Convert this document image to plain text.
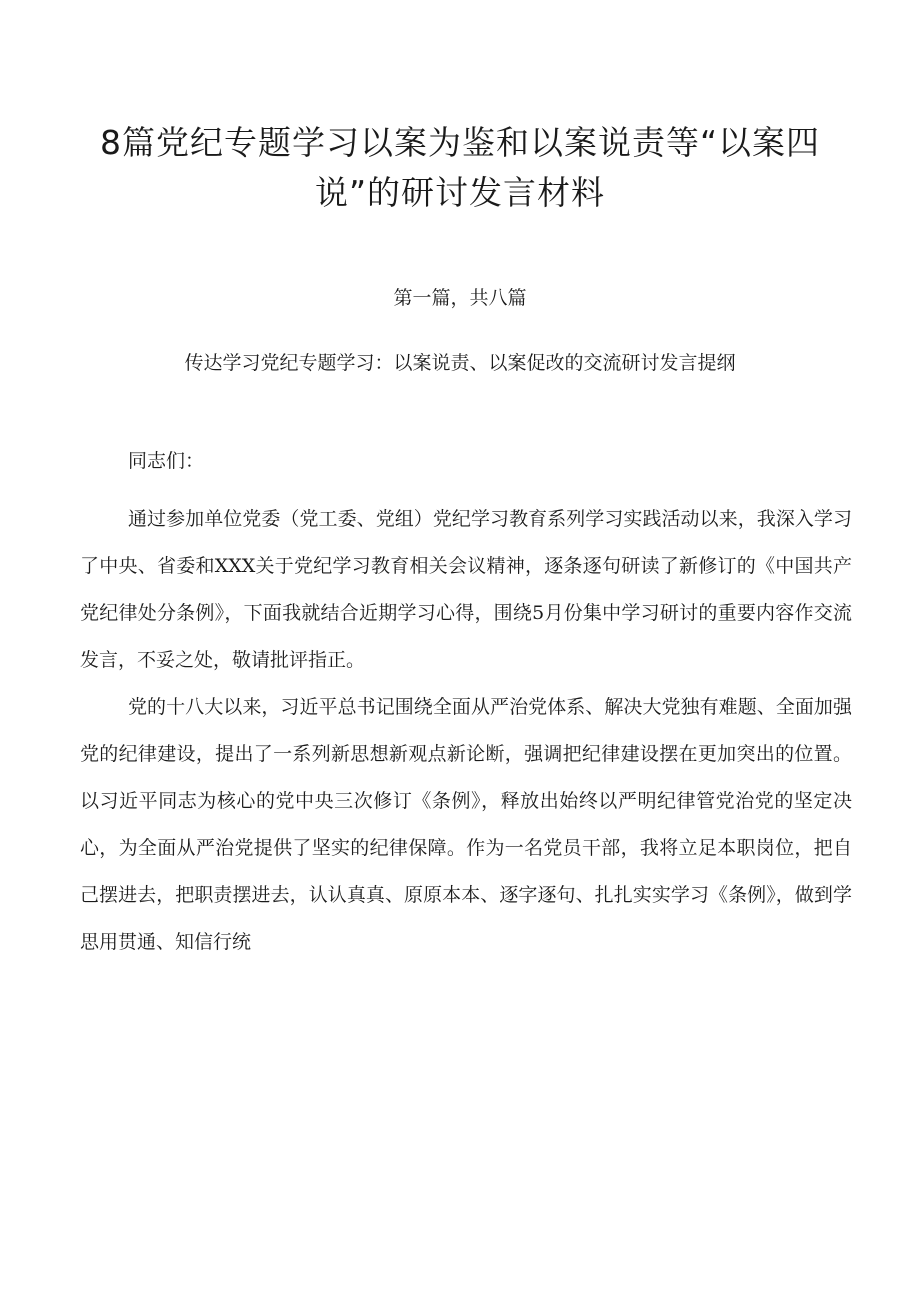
8篇党纪专题学习以案为鉴和以案说责等“以案四说”的研讨发言材料
第一篇，共八篇
传达学习党纪专题学习：以案说责、以案促改的交流研讨发言提纲
同志们：

通过参加单位党委（党工委、党组）党纪学习教育系列学习实践活动以来，我深入学习了中央、省委和XXX关于党纪学习教育相关会议精神，逐条逐句研读了新修订的《中国共产党纪律处分条例》，下面我就结合近期学习心得，围绕5月份集中学习研讨的重要内容作交流发言，不妥之处，敬请批评指正。

党的十八大以来，习近平总书记围绕全面从严治党体系、解决大党独有难题、全面加强党的纪律建设，提出了一系列新思想新观点新论断，强调把纪律建设摆在更加突出的位置。以习近平同志为核心的党中央三次修订《条例》，释放出始终以严明纪律管党治党的坚定决心，为全面从严治党提供了坚实的纪律保障。作为一名党员干部，我将立足本职岗位，把自己摆进去，把职责摆进去，认认真真、原原本本、逐字逐句、扎扎实实学习《条例》，做到学思用贯通、知信行统
